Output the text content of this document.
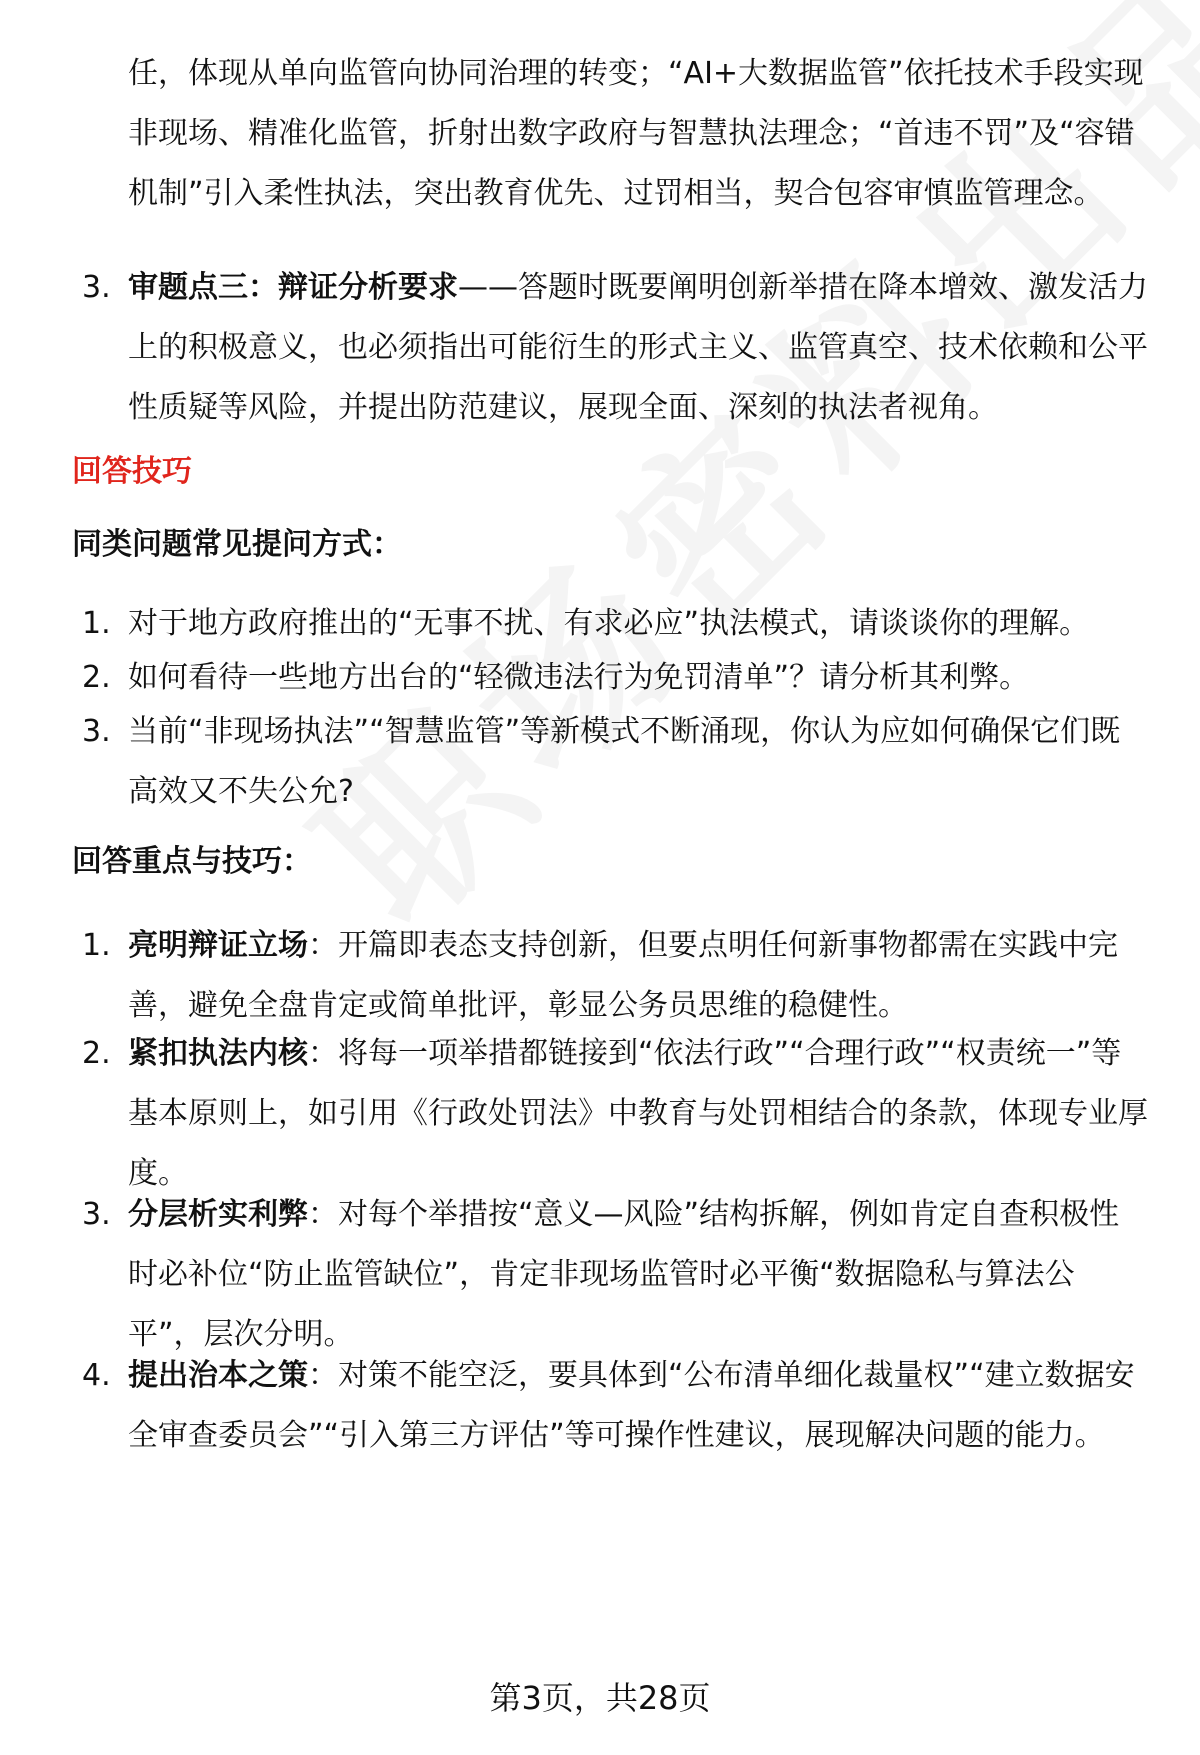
任，体现从单向监管向协同治理的转变；“AI+大数据监管”依托技术手段实现非现场、精准化监管，折射出数字政府与智慧执法理念；“首违不罚”及“容错机制”引入柔性执法，突出教育优先、过罚相当，契合包容审慎监管理念。

3. 审题点三：辩证分析要求——答题时既要阐明创新举措在降本增效、激发活力上的积极意义，也必须指出可能衍生的形式主义、监管真空、技术依赖和公平性质疑等风险，并提出防范建议，展现全面、深刻的执法者视角。
回答技巧
同类问题常见提问方式：
1. 对于地方政府推出的“无事不扰、有求必应”执法模式，请谈谈你的理解。
2. 如何看待一些地方出台的“轻微违法行为免罚清单”？请分析其利弊。
3. 当前“非现场执法”“智慧监管”等新模式不断涌现，你认为应如何确保它们既高效又不失公允?
回答重点与技巧：
1. 亮明辩证立场：开篇即表态支持创新，但要点明任何新事物都需在实践中完善，避免全盘肯定或简单批评，彰显公务员思维的稳健性。
2. 紧扣执法内核：将每一项举措都链接到“依法行政”“合理行政”“权责统一”等基本原则上，如引用《行政处罚法》中教育与处罚相结合的条款，体现专业厚度。
3. 分层析实利弊：对每个举措按“意义—风险”结构拆解，例如肯定自查积极性时必补位“防止监管缺位”，肯定非现场监管时必平衡“数据隐私与算法公平”，层次分明。
4. 提出治本之策：对策不能空泛，要具体到“公布清单细化裁量权”“建立数据安全审查委员会”“引入第三方评估”等可操作性建议，展现解决问题的能力。
第3页，共28页
